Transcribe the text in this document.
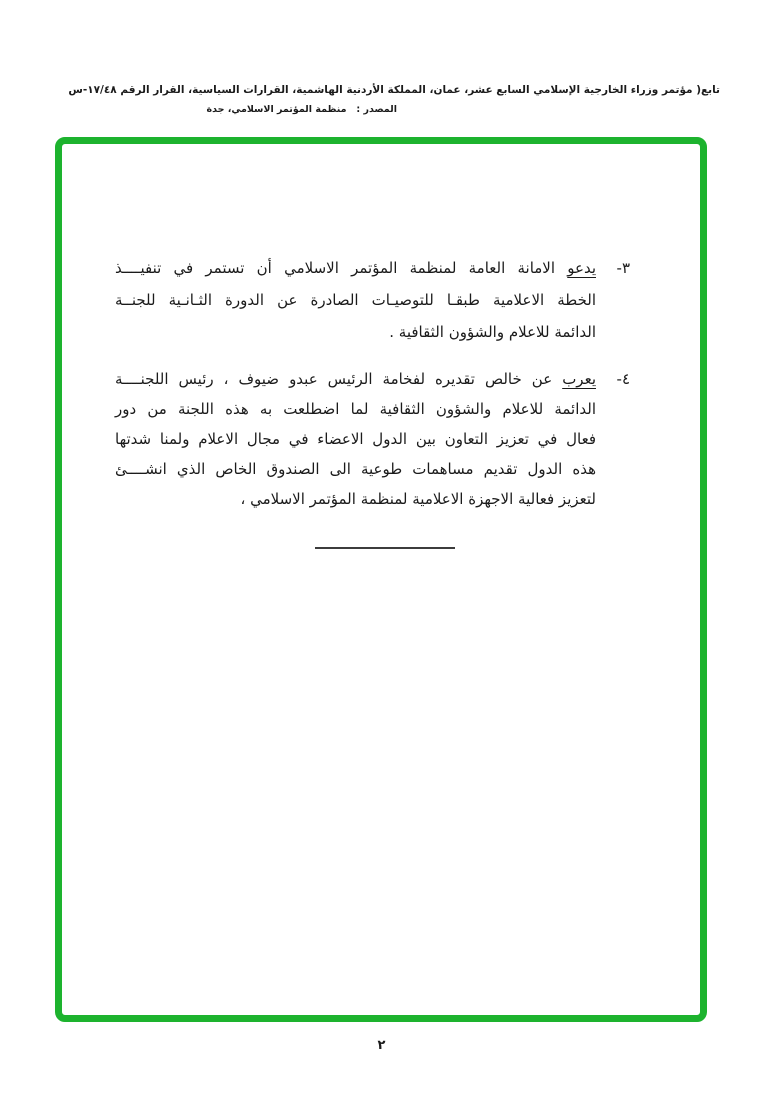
تابع( مؤتمر وزراء الخارجية الإسلامي السابع عشر، عمان، المملكة الأردنية الهاشمية، القرارات السياسية، القرار الرقم ١٧/٤٨-س
المصدر :   منظمة المؤتمر الاسلامي، جدة
٣-
يدعو الامانة العامة لمنظمة المؤتمر الاسلامي أن تستمر في تنفيــــذ
الخطة الاعلامية طبقـا للتوصيـات الصادرة عن الدورة الثـانـية للجنــة
الدائمة للاعلام والشؤون الثقافية .
٤-
يعرب عن خالص تقديره لفخامة الرئيس عبدو ضيوف ، رئيس اللجنــــة
الدائمة للاعلام والشؤون الثقافية لما اضطلعت به هذه اللجنة من دور
فعال في تعزيز التعاون بين الدول الاعضاء في مجال الاعلام ولمنا شدتها
هذه الدول تقديم مساهمات طوعية الى الصندوق الخاص الذي انشــــئ
لتعزيز فعالية الاجهزة الاعلامية لمنظمة المؤتمر الاسلامي ،
٢
